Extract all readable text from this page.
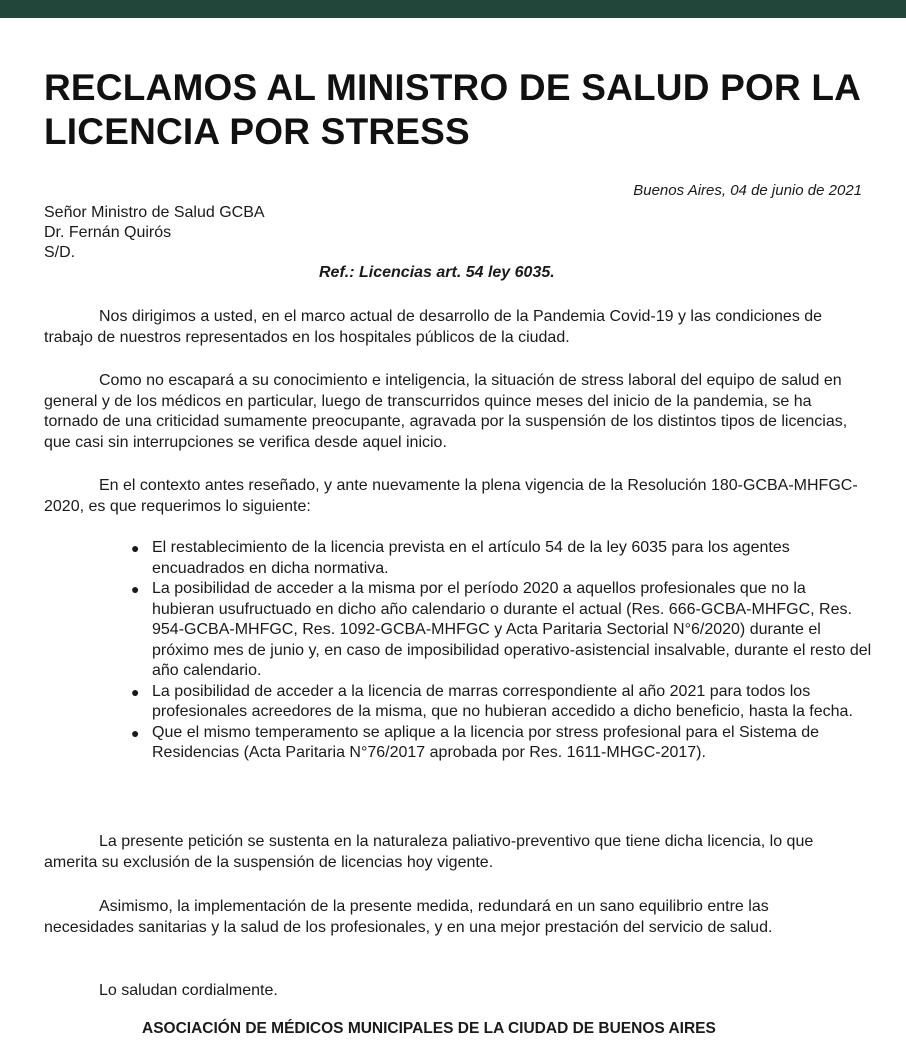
RECLAMOS AL MINISTRO DE SALUD POR LA LICENCIA POR STRESS
Buenos Aires, 04 de junio de 2021
Señor Ministro de Salud GCBA
Dr. Fernán Quirós
S/D.
Ref.: Licencias art. 54 ley 6035.

Nos dirigimos a usted, en el marco actual de desarrollo de la Pandemia Covid-19 y las condiciones de trabajo de nuestros representados en los hospitales públicos de la ciudad.

Como no escapará a su conocimiento e inteligencia, la situación de stress laboral del equipo de salud en general y de los médicos en particular, luego de transcurridos quince meses del inicio de la pandemia, se ha tornado de una criticidad sumamente preocupante, agravada por la suspensión de los distintos tipos de licencias, que casi sin interrupciones se verifica desde aquel inicio.

En el contexto antes reseñado, y ante nuevamente la plena vigencia de la Resolución 180-GCBA-MHFGC-2020, es que requerimos lo siguiente:

● El restablecimiento de la licencia prevista en el artículo 54 de la ley 6035 para los agentes encuadrados en dicha normativa.
● La posibilidad de acceder a la misma por el período 2020 a aquellos profesionales que no la hubieran usufructuado en dicho año calendario o durante el actual (Res. 666-GCBA-MHFGC, Res. 954-GCBA-MHFGC, Res. 1092-GCBA-MHFGC y Acta Paritaria Sectorial N°6/2020) durante el próximo mes de junio y, en caso de imposibilidad operativo-asistencial insalvable, durante el resto del año calendario.
● La posibilidad de acceder a la licencia de marras correspondiente al año 2021 para todos los profesionales acreedores de la misma, que no hubieran accedido a dicho beneficio, hasta la fecha.
● Que el mismo temperamento se aplique a la licencia por stress profesional para el Sistema de Residencias (Acta Paritaria N°76/2017 aprobada por Res. 1611-MHGC-2017).

La presente petición se sustenta en la naturaleza paliativo-preventivo que tiene dicha licencia, lo que amerita su exclusión de la suspensión de licencias hoy vigente.

Asimismo, la implementación de la presente medida, redundará en un sano equilibrio entre las necesidades sanitarias y la salud de los profesionales, y en una mejor prestación del servicio de salud.

Lo saludan cordialmente.

ASOCIACIÓN DE MÉDICOS MUNICIPALES DE LA CIUDAD DE BUENOS AIRES
